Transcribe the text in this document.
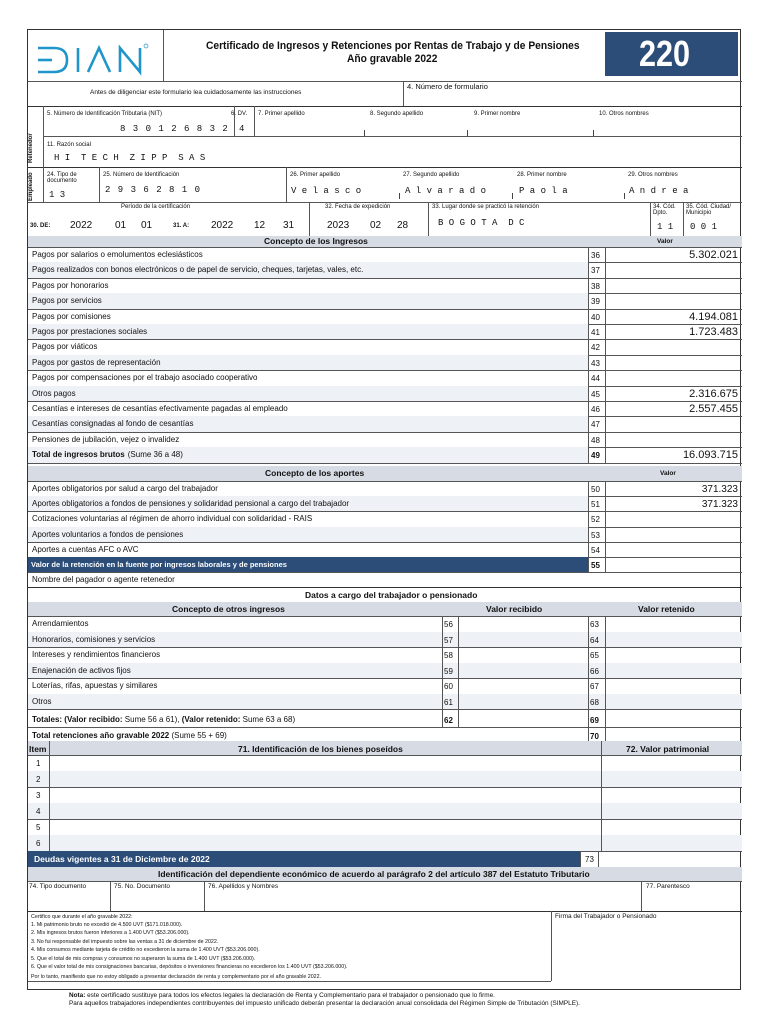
Certificado de Ingresos y Retenciones por Rentas de Trabajo y de Pensiones
Año gravable 2022	220
Antes de diligenciar este formulario lea cuidadosamente las instrucciones
4. Número de formulario
Retenedor
5. Número de Identificación Tributaria (NIT)
8 3 0 1 2 6 8 3 2
6. DV.
4
7. Primer apellido	8. Segundo apellido	9. Primer nombre	10. Otros nombres
11. Razón social
H I  T E C H  Z I P P  S A S
Empleado 24. Tipo de documento
1 3
25. Número de Identificación
2 9 3 6 2 8 1 0
26. Primer apellido
V e l a s c o
27. Segundo apellido
A l v a r a d o
28. Primer nombre
P a o l a
29. Otros nombres
A n d r e a
Período de la certificación
30. DE: 2022 01 01	31. A: 2022 12 31
32. Fecha de expedición
2023 02 28
33. Lugar donde se practicó la retención
B O G O T A  D C
34. Cód. Dpto.
1 1
35. Cód. Ciudad/ Municipio
0 0 1
Concepto de los Ingresos	Valor
Pagos por salarios o emolumentos eclesiásticos	36	5.302.021
Pagos realizados con bonos electrónicos o de papel de servicio, cheques, tarjetas, vales, etc.	37
Pagos por honorarios	38
Pagos por servicios	39
Pagos por comisiones	40	4.194.081
Pagos por prestaciones sociales	41	1.723.483
Pagos por viáticos	42
Pagos por gastos de representación	43
Pagos por compensaciones por el trabajo asociado cooperativo	44
Otros pagos	45	2.316.675
Cesantías e intereses de cesantías efectivamente pagadas al empleado	46	2.557.455
Cesantías consignadas al fondo de cesantías	47
Pensiones de jubilación, vejez o invalidez	48
Total de ingresos brutos (Sume 36 a 48)	49	16.093.715
Concepto de los aportes	Valor
Aportes obligatorios por salud a cargo del trabajador	50	371.323
Aportes obligatorios a fondos de pensiones y solidaridad pensional a cargo del trabajador	51	371.323
Cotizaciones voluntarias al régimen de ahorro individual con solidaridad - RAIS	52
Aportes voluntarios a fondos de pensiones	53
Aportes a cuentas AFC o AVC	54
Valor de la retención en la fuente por ingresos laborales y de pensiones	55
Nombre del pagador o agente retenedor
Datos a cargo del trabajador o pensionado
Concepto de otros ingresos	Valor recibido	Valor retenido
Arrendamientos	56	63
Honorarios, comisiones y servicios	57	64
Intereses y rendimientos financieros	58	65
Enajenación de activos fijos	59	66
Loterías, rifas, apuestas y similares	60	67
Otros	61	68
Totales: (Valor recibido: Sume 56 a 61), (Valor retenido: Sume 63 a 68)	62	69
Total retenciones año gravable 2022 (Sume 55 + 69)	70
Item	71. Identificación de los bienes poseídos	72. Valor patrimonial
1
2
3
4
5
6
Deudas vigentes a 31 de Diciembre de 2022	73
Identificación del dependiente económico de acuerdo al parágrafo 2 del artículo 387 del Estatuto Tributario
74. Tipo documento	75. No. Documento	76. Apellidos y Nombres	77. Parentesco
Certifico que durante el año gravable 2022:
1. Mi patrimonio bruto no excedió de 4.500 UVT ($171.018.000).
2. Mis ingresos brutos fueron inferiores a 1.400 UVT ($53.206.000).
3. No fui responsable del impuesto sobre las ventas a 31 de diciembre de 2022.
4. Mis consumos mediante tarjeta de crédito no excedieron la suma de 1.400 UVT ($53.206.000).
5. Que el total de mis compras y consumos no superaron la suma de 1.400 UVT ($53.206.000).
6. Que el valor total de mis consignaciones bancarias, depósitos o inversiones financieras no excedieron los 1.400 UVT ($53.206.000).
Por lo tanto, manifiesto que no estoy obligado a presentar declaración de renta y complementario por el año gravable 2022.
Firma del Trabajador o Pensionado
Nota: este certificado sustituye para todos los efectos legales la declaración de Renta y Complementario para el trabajador o pensionado que lo firme.
Para aquellos trabajadores independientes contribuyentes del impuesto unificado deberán presentar la declaración anual consolidada del Régimen Simple de Tributación (SIMPLE).
